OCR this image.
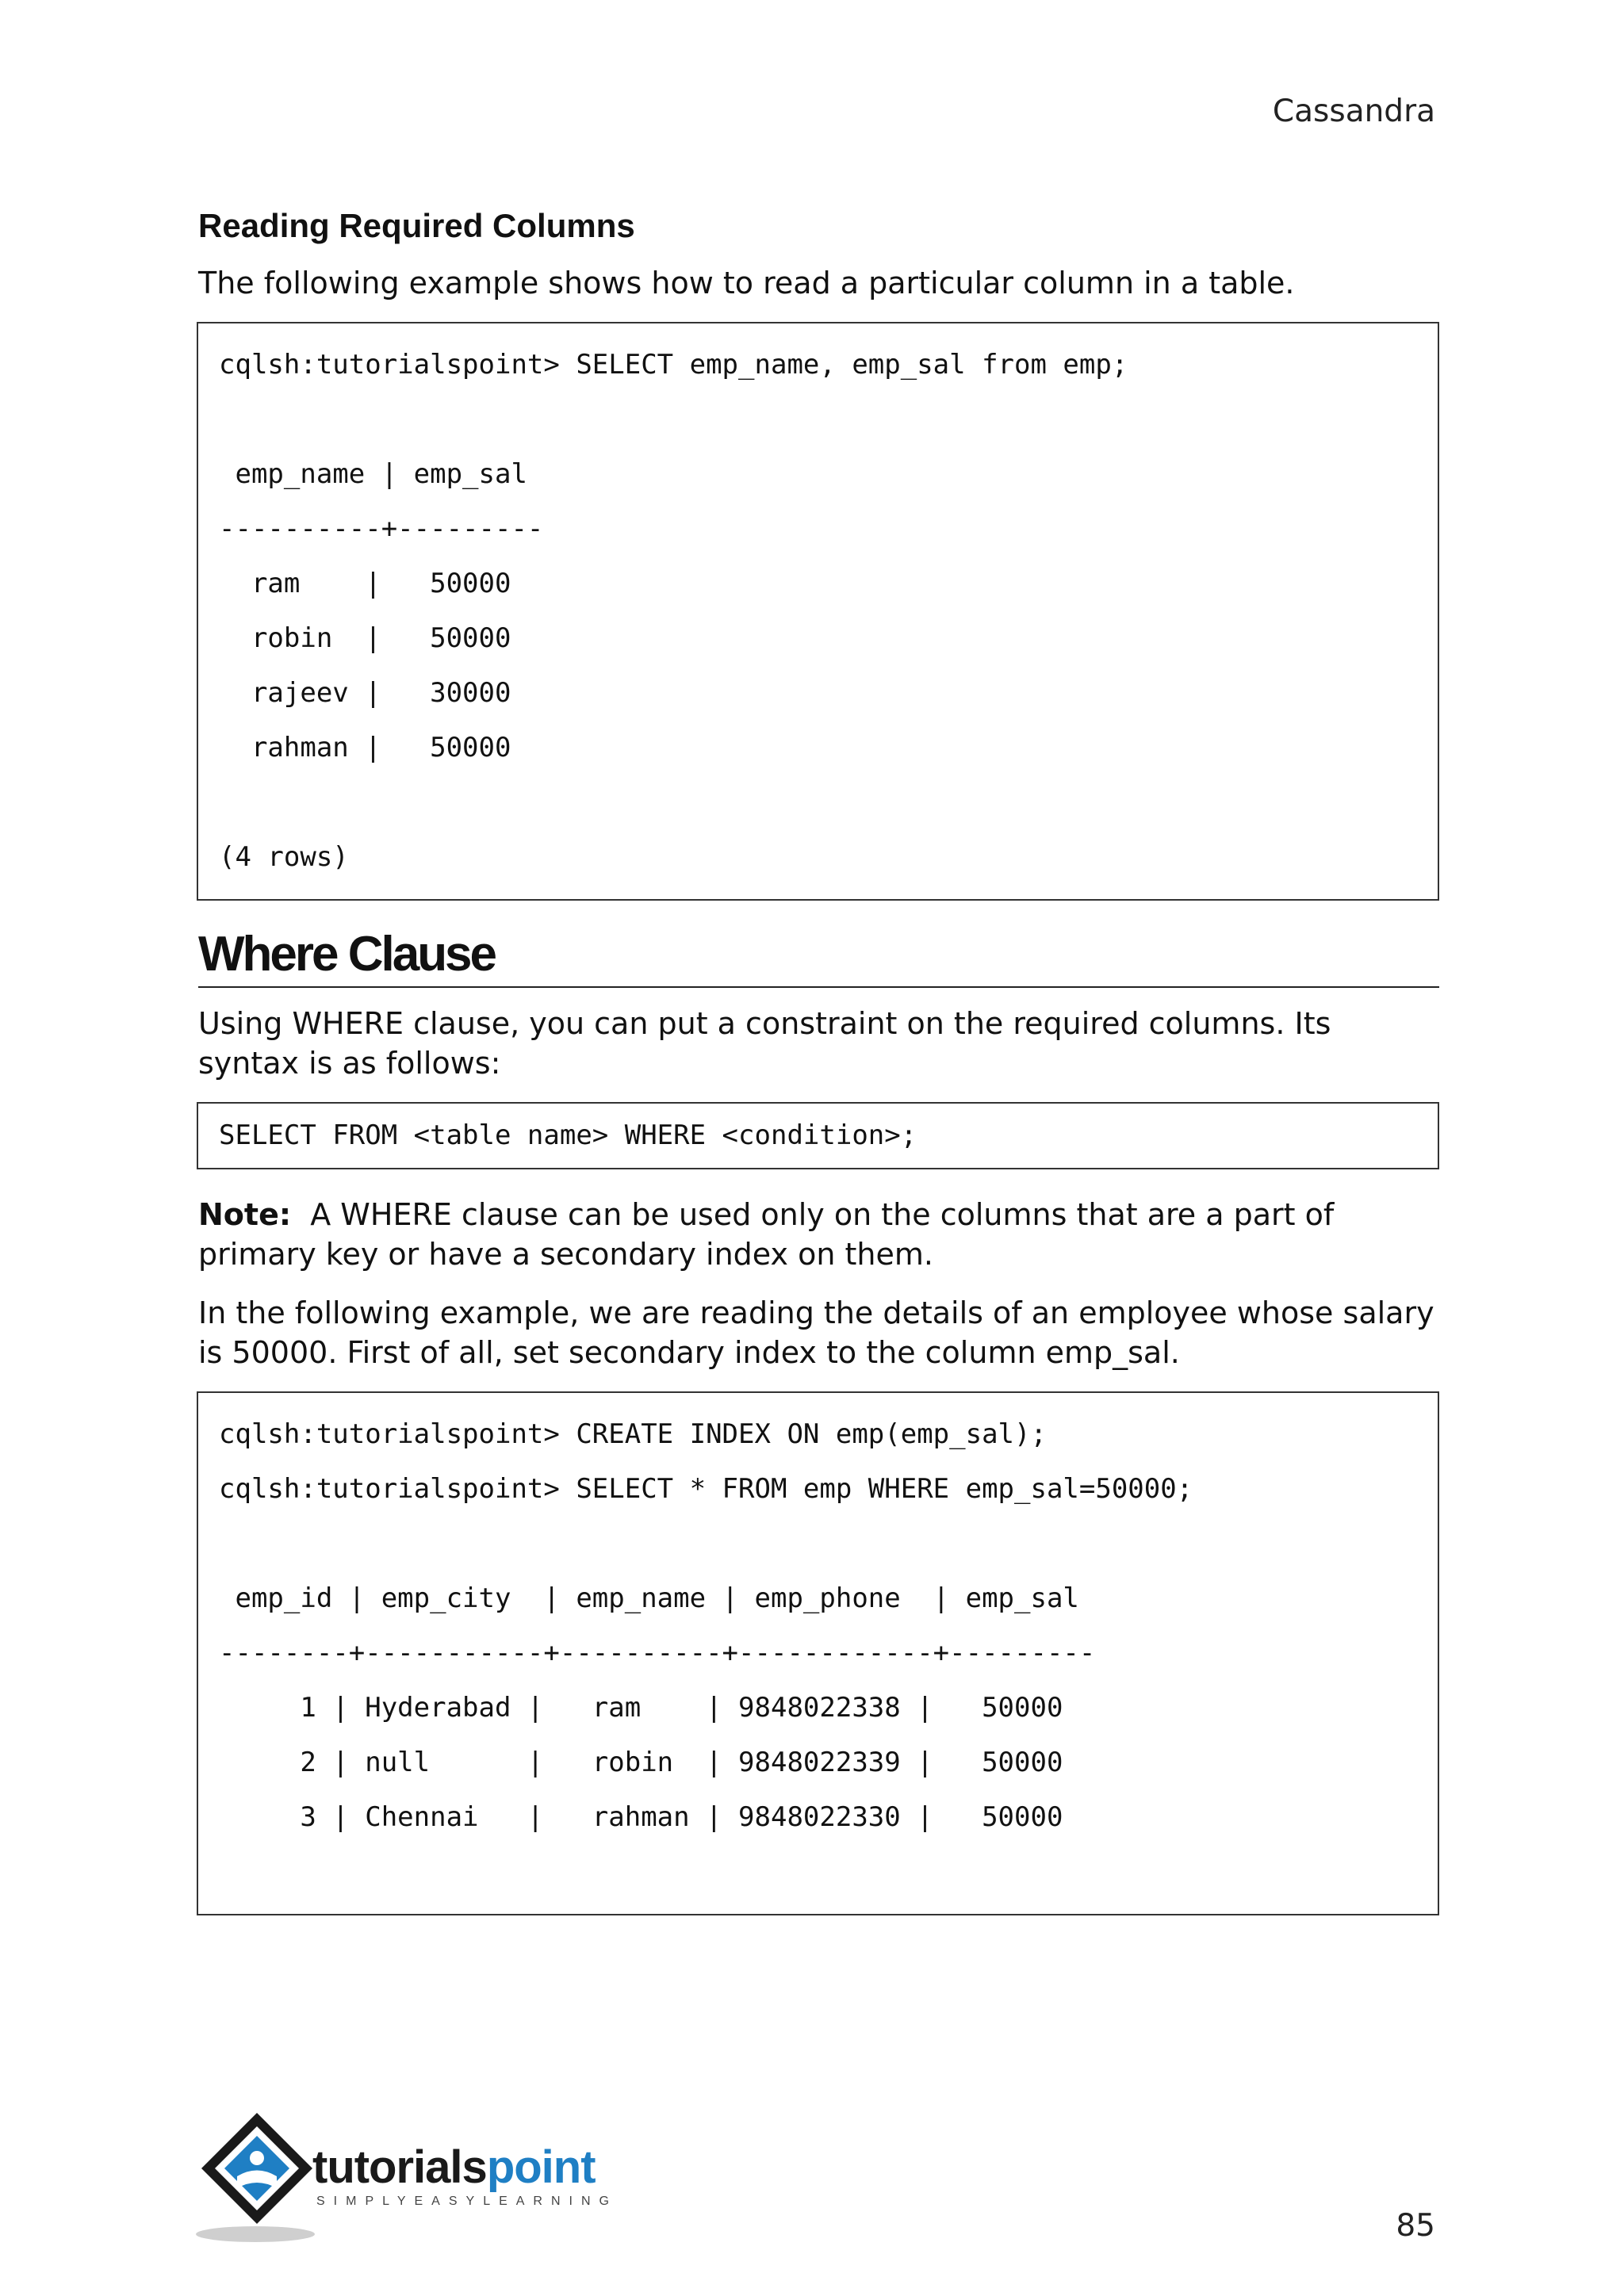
Cassandra
Reading Required Columns

The following example shows how to read a particular column in a table.

cqlsh:tutorialspoint> SELECT emp_name, emp_sal from emp;
emp_name | emp_sal
----------+---------
ram    |   50000
robin  |   50000
rajeev |   30000
rahman |   50000
(4 rows)
Where Clause

Using WHERE clause, you can put a constraint on the required columns. Its syntax is as follows:

SELECT FROM <table name> WHERE <condition>;

Note: A WHERE clause can be used only on the columns that are a part of primary key or have a secondary index on them.

In the following example, we are reading the details of an employee whose salary is 50000. First of all, set secondary index to the column emp_sal.

cqlsh:tutorialspoint> CREATE INDEX ON emp(emp_sal);
cqlsh:tutorialspoint> SELECT * FROM emp WHERE emp_sal=50000;
emp_id | emp_city  | emp_name | emp_phone  | emp_sal
--------+-----------+----------+------------+---------
1 | Hyderabad |   ram    | 9848022338 |   50000
2 | null      |   robin  | 9848022339 |   50000
3 | Chennai   |   rahman | 9848022330 |   50000
tutorialspoint
SIMPLYEASYLEARNING
85
